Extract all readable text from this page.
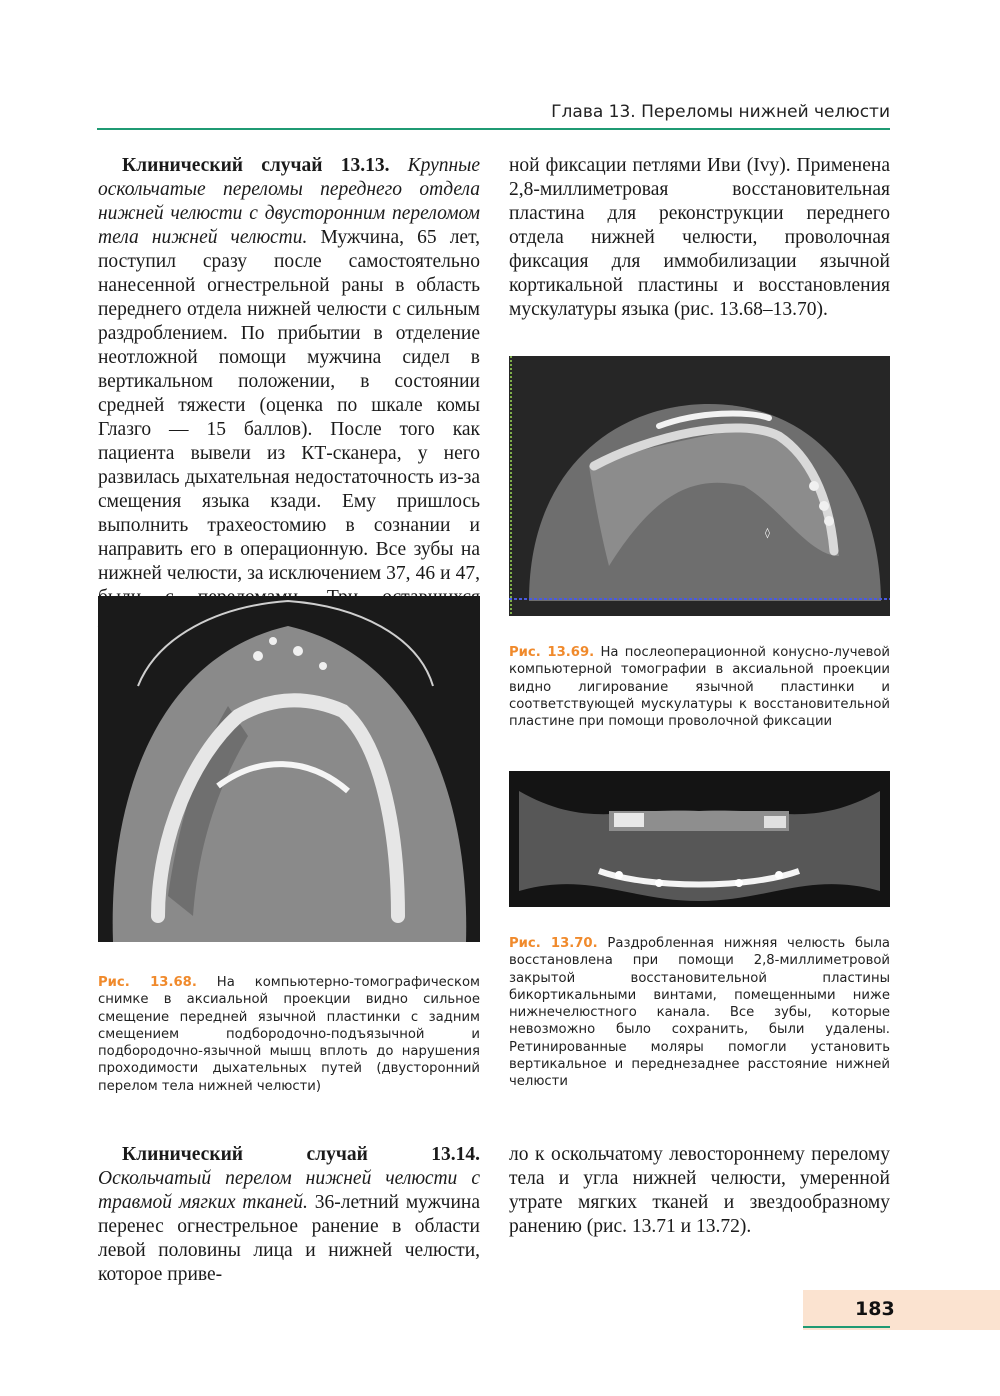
Глава 13. Переломы нижней челюсти

Клинический случай 13.13. Крупные оскольчатые переломы переднего отдела нижней челюсти с двусторонним переломом тела нижней челюсти. Мужчина, 65 лет, поступил сразу после самостоятельно нанесенной огнестрельной раны в область переднего отдела нижней челюсти с сильным раздроблением. По прибытии в отделение неотложной помощи мужчина сидел в вертикальном положении, в состоянии средней тяжести (оценка по шкале комы Глазго — 15 баллов). После того как пациента вывели из КТ-сканера, у него развилась дыхательная недостаточность из-за смещения языка кзади. Ему пришлось выполнить трахеостомию в сознании и направить его в операционную. Все зубы на нижней челюсти, за исключением 37, 46 и 47,

ной фиксации петлями Иви (Ivy). Применена 2,8-миллиметровая восстановительная пластина для реконструкции переднего отдела нижней челюсти, проволочная фиксация для иммобилизации язычной кортикальной пластины и восстановления мускулатуры языка (рис. 13.68–13.70).

◊

Рис. 13.69. На послеоперационной конусно-лучевой компьютерной томографии в аксиальной проекции видно лигирование язычной пластинки и соответствующей мускулатуры к восстановительной пластине при помощи проволочной фиксации

Рис. 13.68. На компьютерно-томографическом снимке в аксиальной проекции видно сильное смещение передней язычной пластинки с задним смещением подбородочно-подъязычной и подбородочно-язычной мышц вплоть до нарушения проходимости дыхательных путей (двусторонний перелом тела нижней челюсти)

Рис. 13.70. Раздробленная нижняя челюсть была восстановлена при помощи 2,8-миллиметровой закрытой восстановительной пластины бикортикальными винтами, помещенными ниже нижнечелюстного канала. Все зубы, которые невозможно было сохранить, были удалены. Ретинированные моляры помогли установить вертикальное и переднезаднее расстояние нижней челюсти

Клинический случай 13.14. Оскольчатый перелом нижней челюсти с травмой мягких тканей. 36-летний мужчина перенес огнестрельное ранение в области левой половины лица и нижней челюсти, которое приве-

ло к оскольчатому левостороннему перелому тела и угла нижней челюсти, умеренной утрате мягких тканей и звездообразному ранению (рис. 13.71 и 13.72).

183
